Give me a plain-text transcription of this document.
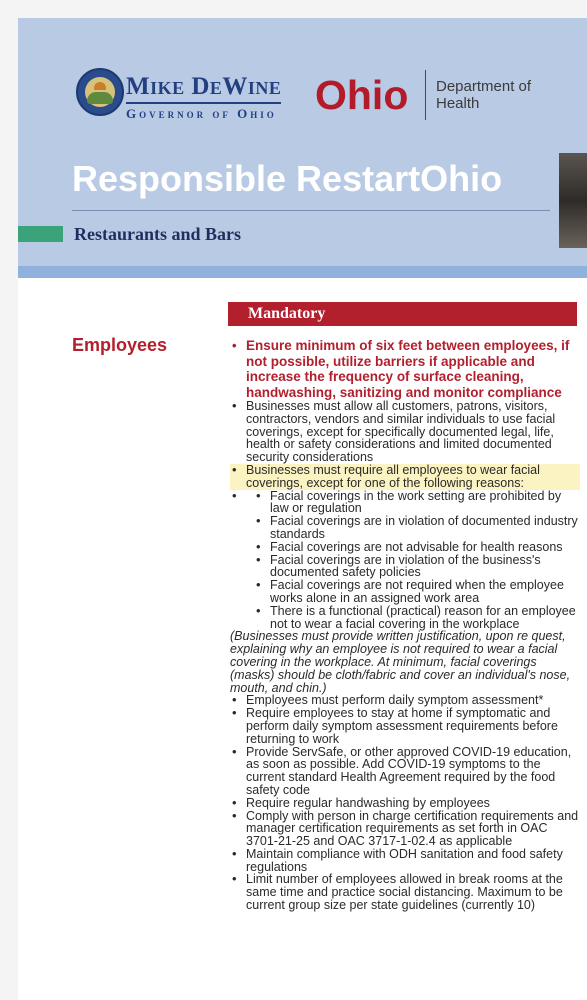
Mike DeWine
Governor of Ohio Ohio Department of Health
Responsible RestartOhio
Restaurants and Bars
Mandatory
Employees
•	Ensure minimum of six feet between employees, if not possible, utilize barriers if applicable and increase the frequency of surface cleaning, handwashing, sanitizing and monitor compliance
• Businesses must allow all customers, patrons, visitors, contractors, vendors and similar individuals to use facial coverings, except for specifically documented legal, life, health or safety considerations and limited documented security considerations
• Businesses must require all employees to wear facial coverings, except for one of the following reasons:
• • Facial coverings in the work setting are prohibited by law or regulation
• Facial coverings are in violation of documented industry standards
• Facial coverings are not advisable for health reasons
• Facial coverings are in violation of the business's documented safety policies
• Facial coverings are not required when the employee works alone in an assigned work area
• There is a functional (practical) reason for an employee not to wear a facial covering in the workplace

(Businesses must provide written justification, upon re quest, explaining why an employee is not required to wear a facial covering in the workplace. At minimum, facial coverings (masks) should be cloth/fabric and cover an individual's nose, mouth, and chin.)

• Employees must perform daily symptom assessment*
• Require employees to stay at home if symptomatic and perform daily symptom assessment requirements before returning to work
• Provide ServSafe, or other approved COVID-19 education, as soon as possible. Add COVID-19 symptoms to the current standard Health Agreement required by the food safety code
• Require regular handwashing by employees
• Comply with person in charge certification requirements and manager certification requirements as set forth in OAC 3701-21-25 and OAC 3717-1-02.4 as applicable
• Maintain compliance with ODH sanitation and food safety regulations
• Limit number of employees allowed in break rooms at the same time and practice social distancing. Maximum to be current group size per state guidelines (currently 10)
